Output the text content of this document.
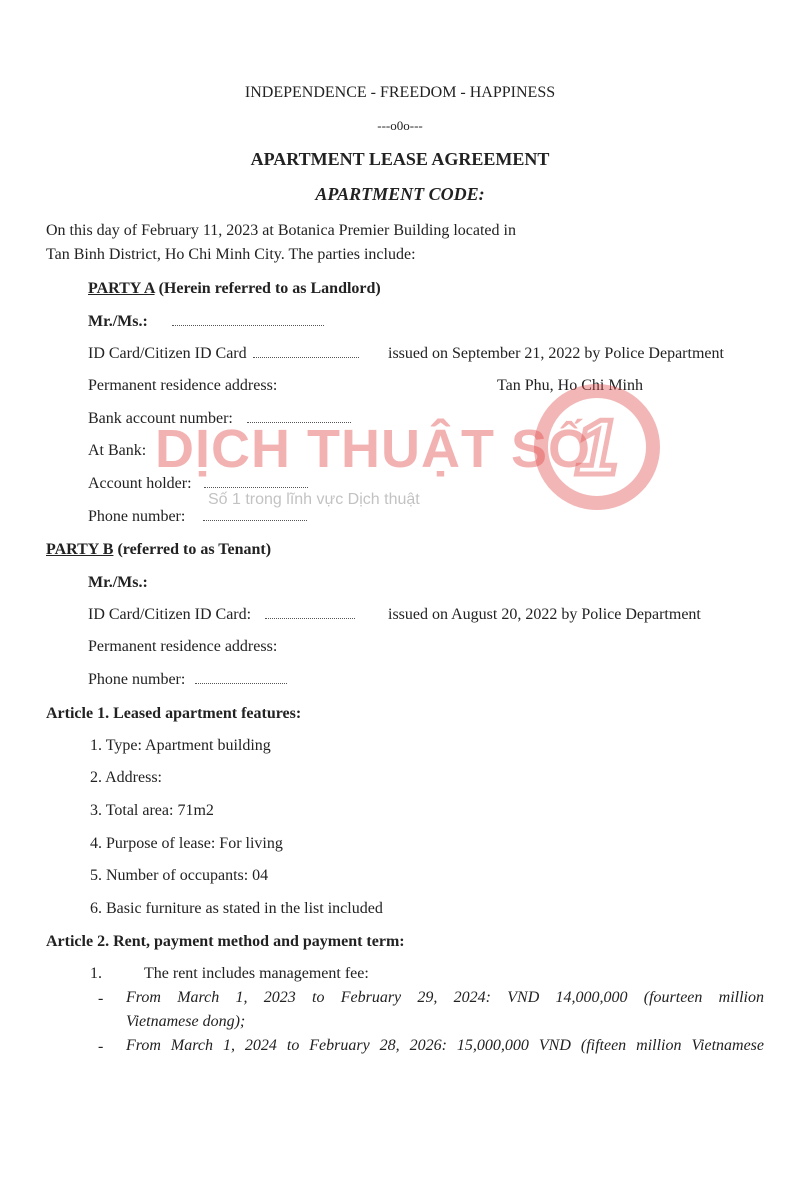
INDEPENDENCE - FREEDOM - HAPPINESS
---o0o---
APARTMENT LEASE AGREEMENT
APARTMENT CODE:
On this day of February 11, 2023 at Botanica Premier Building located in
Tan Binh District, Ho Chi Minh City. The parties include:
PARTY A (Herein referred to as Landlord)
Mr./Ms.:
ID Card/Citizen ID Card	issued on September 21, 2022 by Police Department
Permanent residence address:	Tan Phu, Ho Chi Minh
Bank account number:
At Bank:
Account holder:
Phone number:
PARTY B (referred to as Tenant)
Mr./Ms.:
ID Card/Citizen ID Card:	issued on August 20, 2022 by Police Department
Permanent residence address:
Phone number:
Article 1. Leased apartment features:
1. Type: Apartment building
2. Address:
3. Total area: 71m2
4. Purpose of lease: For living
5. Number of occupants: 04
6. Basic furniture as stated in the list included
Article 2. Rent, payment method and payment term:
1.	The rent includes management fee:
- From March 1, 2023 to February 29, 2024: VND 14,000,000 (fourteen million
Vietnamese dong);
- From March 1, 2024 to February 28, 2026: 15,000,000 VND (fifteen million Vietnamese
DỊCH THUẬT SỐ
Số 1 trong lĩnh vực Dịch thuật
1
